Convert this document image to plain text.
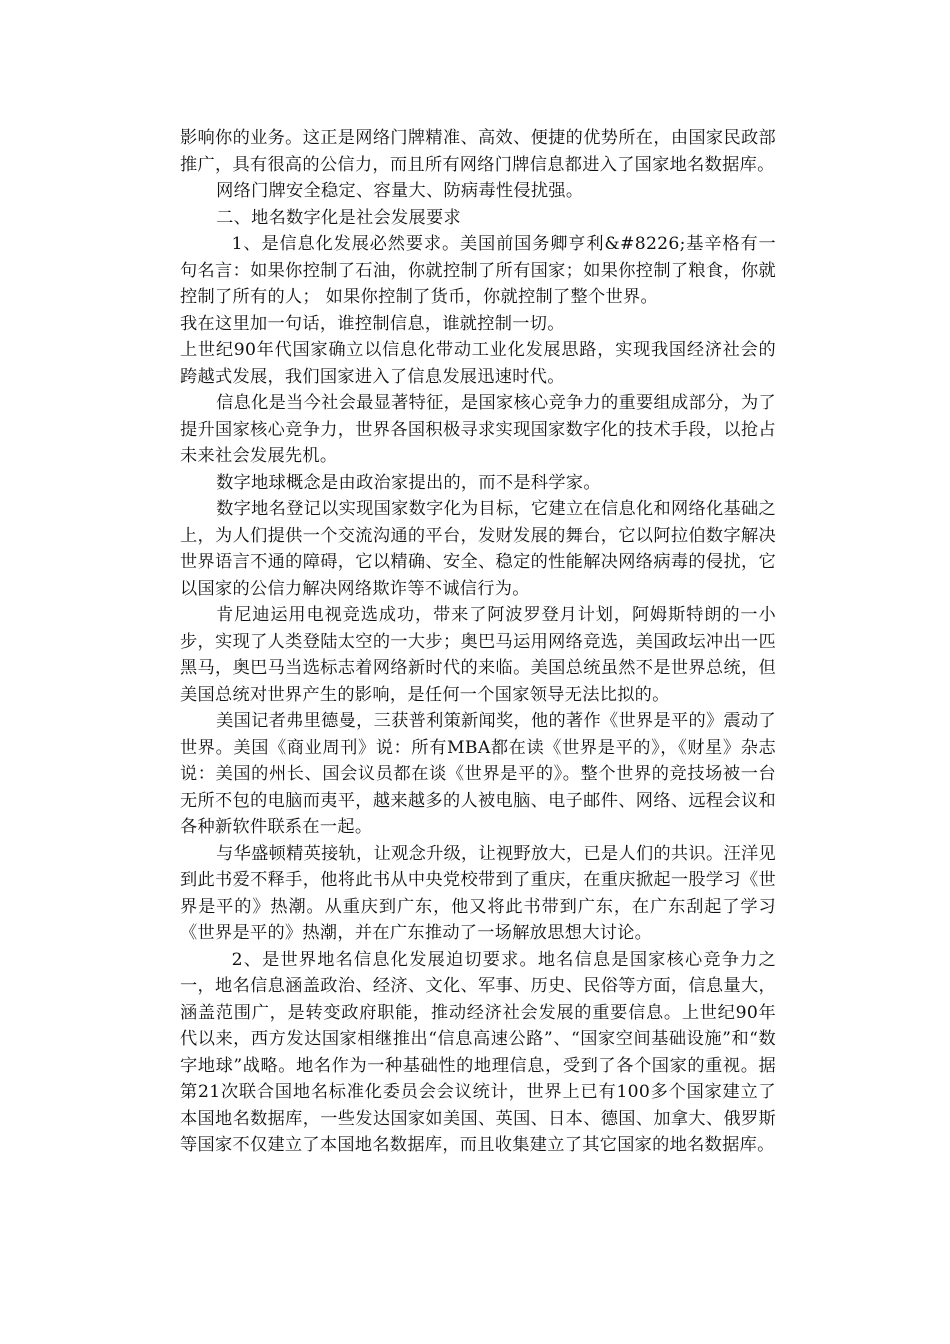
影响你的业务。这正是网络门牌精准、高效、便捷的优势所在，由国家民政部推广，具有很高的公信力，而且所有网络门牌信息都进入了国家地名数据库。

网络门牌安全稳定、容量大、防病毒性侵扰强。

二、地名数字化是社会发展要求

1、是信息化发展必然要求。美国前国务卿亨利&#8226;基辛格有一句名言：如果你控制了石油，你就控制了所有国家；如果你控制了粮食，你就控制了所有的人； 如果你控制了货币，你就控制了整个世界。

我在这里加一句话，谁控制信息，谁就控制一切。

上世纪90年代国家确立以信息化带动工业化发展思路，实现我国经济社会的跨越式发展，我们国家进入了信息发展迅速时代。

信息化是当今社会最显著特征，是国家核心竞争力的重要组成部分，为了提升国家核心竞争力，世界各国积极寻求实现国家数字化的技术手段，以抢占未来社会发展先机。

数字地球概念是由政治家提出的，而不是科学家。

数字地名登记以实现国家数字化为目标，它建立在信息化和网络化基础之上，为人们提供一个交流沟通的平台，发财发展的舞台，它以阿拉伯数字解决世界语言不通的障碍，它以精确、安全、稳定的性能解决网络病毒的侵扰，它以国家的公信力解决网络欺诈等不诚信行为。

肯尼迪运用电视竞选成功，带来了阿波罗登月计划，阿姆斯特朗的一小步，实现了人类登陆太空的一大步；奥巴马运用网络竞选，美国政坛冲出一匹黑马，奥巴马当选标志着网络新时代的来临。美国总统虽然不是世界总统，但美国总统对世界产生的影响，是任何一个国家领导无法比拟的。

美国记者弗里德曼，三获普利策新闻奖，他的著作《世界是平的》震动了世界。美国《商业周刊》说：所有MBA都在读《世界是平的》，《财星》杂志说：美国的州长、国会议员都在谈《世界是平的》。整个世界的竞技场被一台无所不包的电脑而夷平，越来越多的人被电脑、电子邮件、网络、远程会议和各种新软件联系在一起。

与华盛顿精英接轨，让观念升级，让视野放大，已是人们的共识。汪洋见到此书爱不释手，他将此书从中央党校带到了重庆，在重庆掀起一股学习《世界是平的》热潮。从重庆到广东，他又将此书带到广东，在广东刮起了学习《世界是平的》热潮，并在广东推动了一场解放思想大讨论。

2、是世界地名信息化发展迫切要求。地名信息是国家核心竞争力之一，地名信息涵盖政治、经济、文化、军事、历史、民俗等方面，信息量大，涵盖范围广，是转变政府职能，推动经济社会发展的重要信息。上世纪90年代以来，西方发达国家相继推出“信息高速公路”、“国家空间基础设施”和“数字地球”战略。地名作为一种基础性的地理信息，受到了各个国家的重视。据第21次联合国地名标准化委员会会议统计，世界上已有100多个国家建立了本国地名数据库，一些发达国家如美国、英国、日本、德国、加拿大、俄罗斯等国家不仅建立了本国地名数据库，而且收集建立了其它国家的地名数据库。
